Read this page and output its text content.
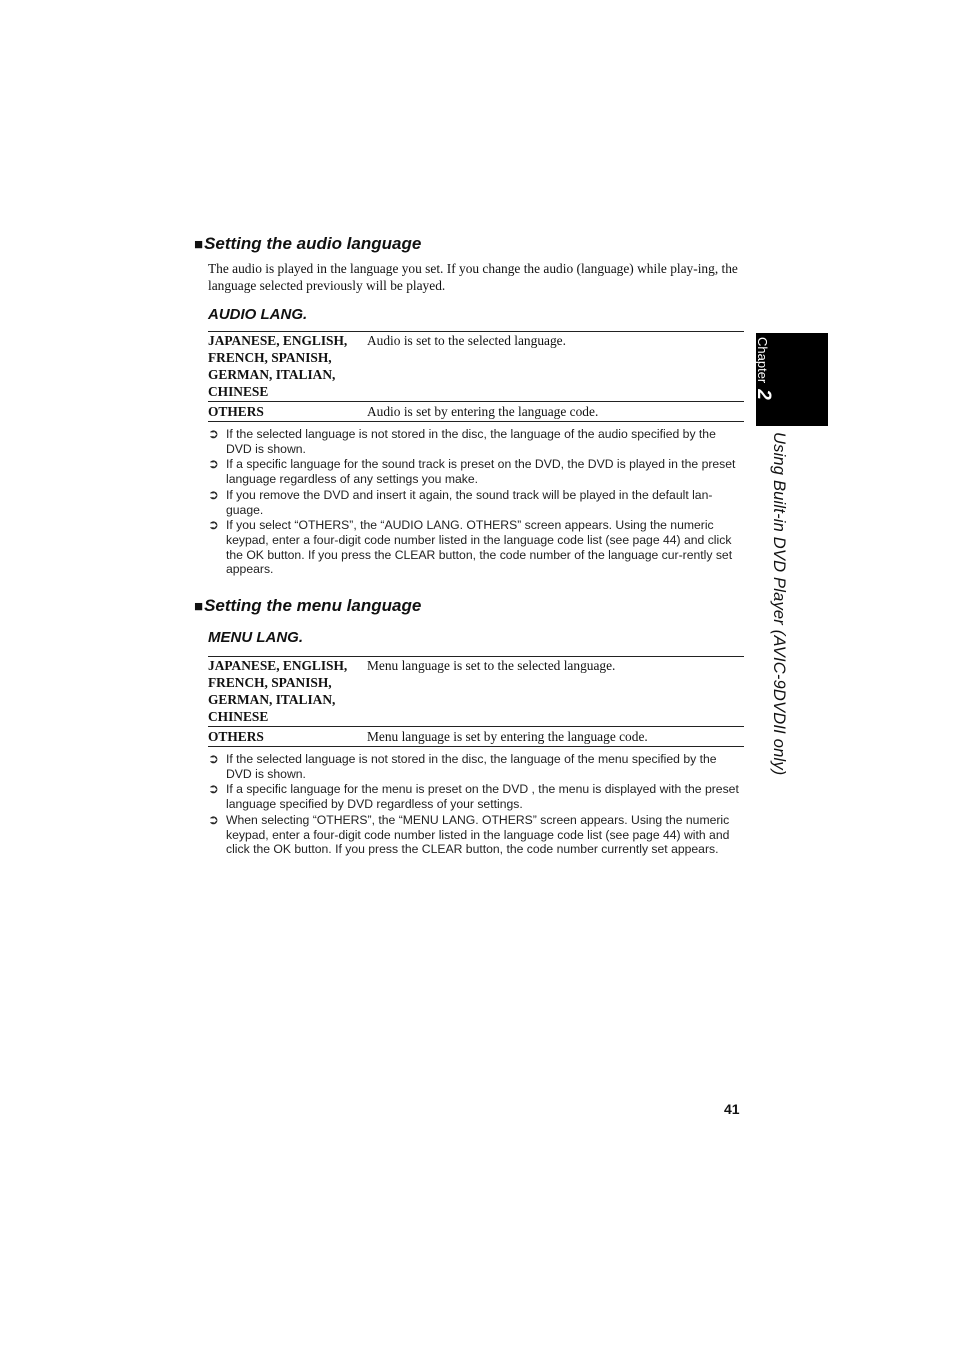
■Setting the audio language
The audio is played in the language you set. If you change the audio (language) while play-ing, the language selected previously will be played.
AUDIO LANG.
JAPANESE, ENGLISH,
FRENCH, SPANISH,
GERMAN, ITALIAN,
CHINESE
Audio is set to the selected language.
OTHERS	Audio is set by entering the language code.
➲ If the selected language is not stored in the disc, the language of the audio specified by the DVD is shown.
➲ If a specific language for the sound track is preset on the DVD, the DVD is played in the preset language regardless of any settings you make.
➲ If you remove the DVD and insert it again, the sound track will be played in the default lan-guage.
➲ If you select “OTHERS”, the “AUDIO LANG. OTHERS” screen appears. Using the numeric keypad, enter a four-digit code number listed in the language code list (see page 44) and click the OK button. If you press the CLEAR button, the code number of the language cur-rently set appears.
■Setting the menu language
MENU LANG.
JAPANESE, ENGLISH,
FRENCH, SPANISH,
GERMAN, ITALIAN,
CHINESE
Menu language is set to the selected language.
OTHERS	Menu language is set by entering the language code.
➲ If the selected language is not stored in the disc, the language of the menu specified by the DVD is shown.
➲ If a specific language for the menu is preset on the DVD , the menu is displayed with the preset language specified by DVD regardless of your settings.
➲ When selecting “OTHERS”, the “MENU LANG. OTHERS” screen appears. Using the numeric keypad, enter a four-digit code number listed in the language code list (see page 44) with and click the OK button. If you press the CLEAR button, the code number currently set appears.
Chapter2
Using Built-in DVD Player (AVIC-9DVDII only)
41
